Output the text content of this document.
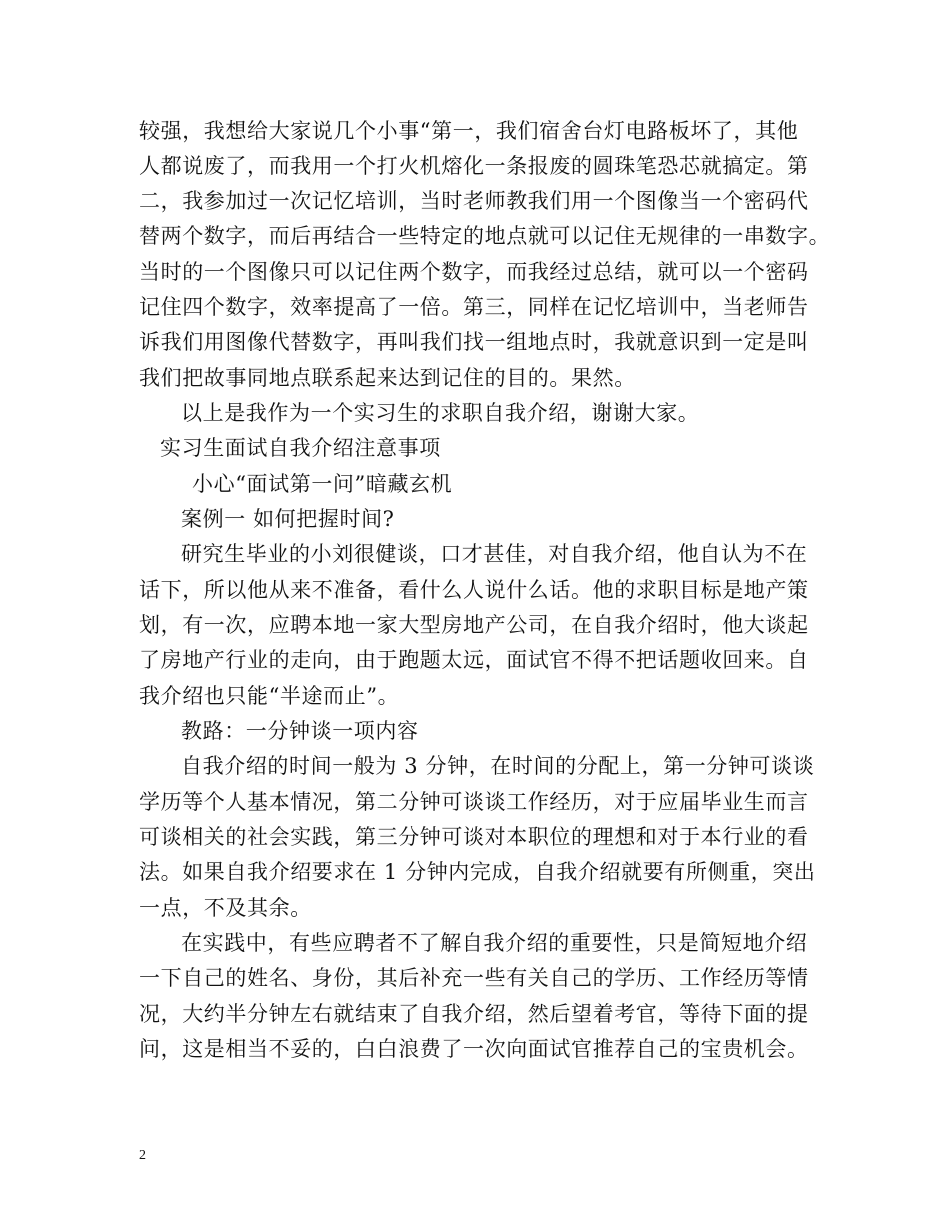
较强，我想给大家说几个小事“第一，我们宿舍台灯电路板坏了，其他
人都说废了，而我用一个打火机熔化一条报废的圆珠笔恐芯就搞定。第
二，我参加过一次记忆培训，当时老师教我们用一个图像当一个密码代
替两个数字，而后再结合一些特定的地点就可以记住无规律的一串数字。
当时的一个图像只可以记住两个数字，而我经过总结，就可以一个密码
记住四个数字，效率提高了一倍。第三，同样在记忆培训中，当老师告
诉我们用图像代替数字，再叫我们找一组地点时，我就意识到一定是叫
我们把故事同地点联系起来达到记住的目的。果然。
以上是我作为一个实习生的求职自我介绍，谢谢大家。
实习生面试自我介绍注意事项
小心“面试第一问”暗藏玄机
案例一 如何把握时间?
研究生毕业的小刘很健谈，口才甚佳，对自我介绍，他自认为不在
话下，所以他从来不准备，看什么人说什么话。他的求职目标是地产策
划，有一次，应聘本地一家大型房地产公司，在自我介绍时，他大谈起
了房地产行业的走向，由于跑题太远，面试官不得不把话题收回来。自
我介绍也只能“半途而止”。
教路：一分钟谈一项内容
自我介绍的时间一般为 3 分钟，在时间的分配上，第一分钟可谈谈
学历等个人基本情况，第二分钟可谈谈工作经历，对于应届毕业生而言
可谈相关的社会实践，第三分钟可谈对本职位的理想和对于本行业的看
法。如果自我介绍要求在 1 分钟内完成，自我介绍就要有所侧重，突出
一点，不及其余。
在实践中，有些应聘者不了解自我介绍的重要性，只是简短地介绍
一下自己的姓名、身份，其后补充一些有关自己的学历、工作经历等情
况，大约半分钟左右就结束了自我介绍，然后望着考官，等待下面的提
问，这是相当不妥的，白白浪费了一次向面试官推荐自己的宝贵机会。
2
